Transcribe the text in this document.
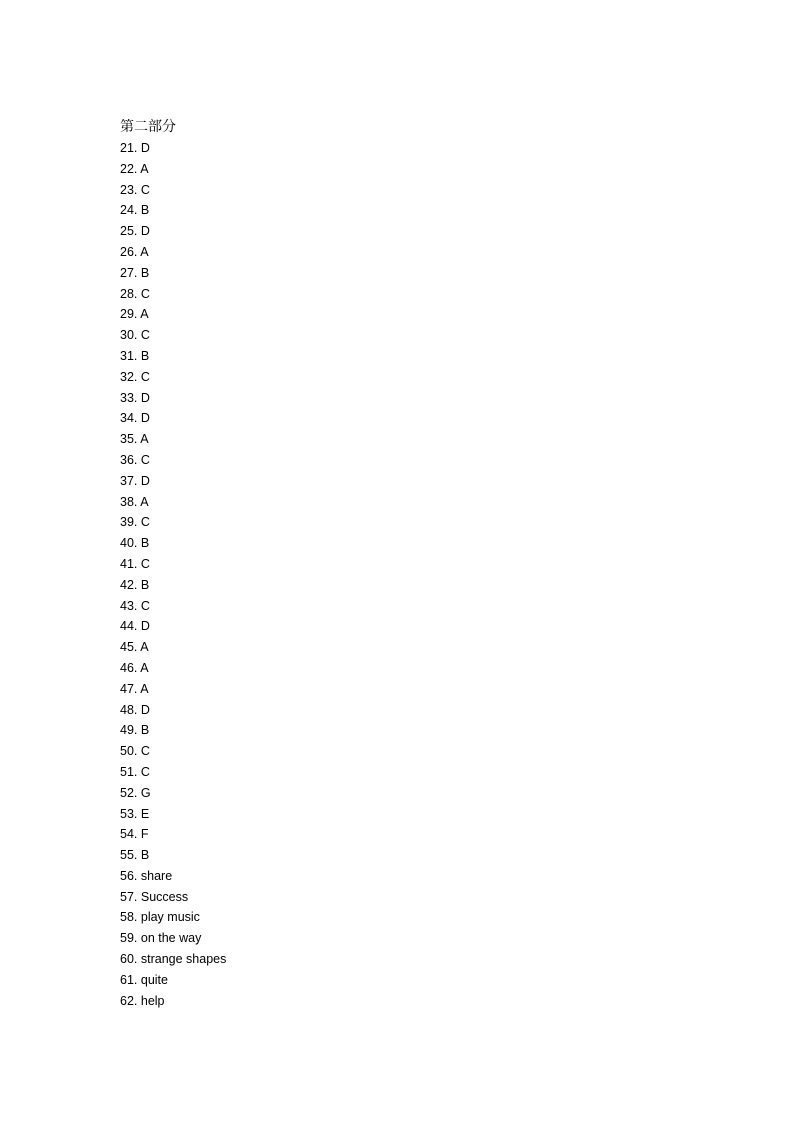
第二部分
21. D
22. A
23. C
24. B
25. D
26. A
27. B
28. C
29. A
30. C
31. B
32. C
33. D
34. D
35. A
36. C
37. D
38. A
39. C
40. B
41. C
42. B
43. C
44. D
45. A
46. A
47. A
48. D
49. B
50. C
51. C
52. G
53. E
54. F
55. B
56. share
57. Success
58. play music
59. on the way
60. strange shapes
61. quite
62. help
